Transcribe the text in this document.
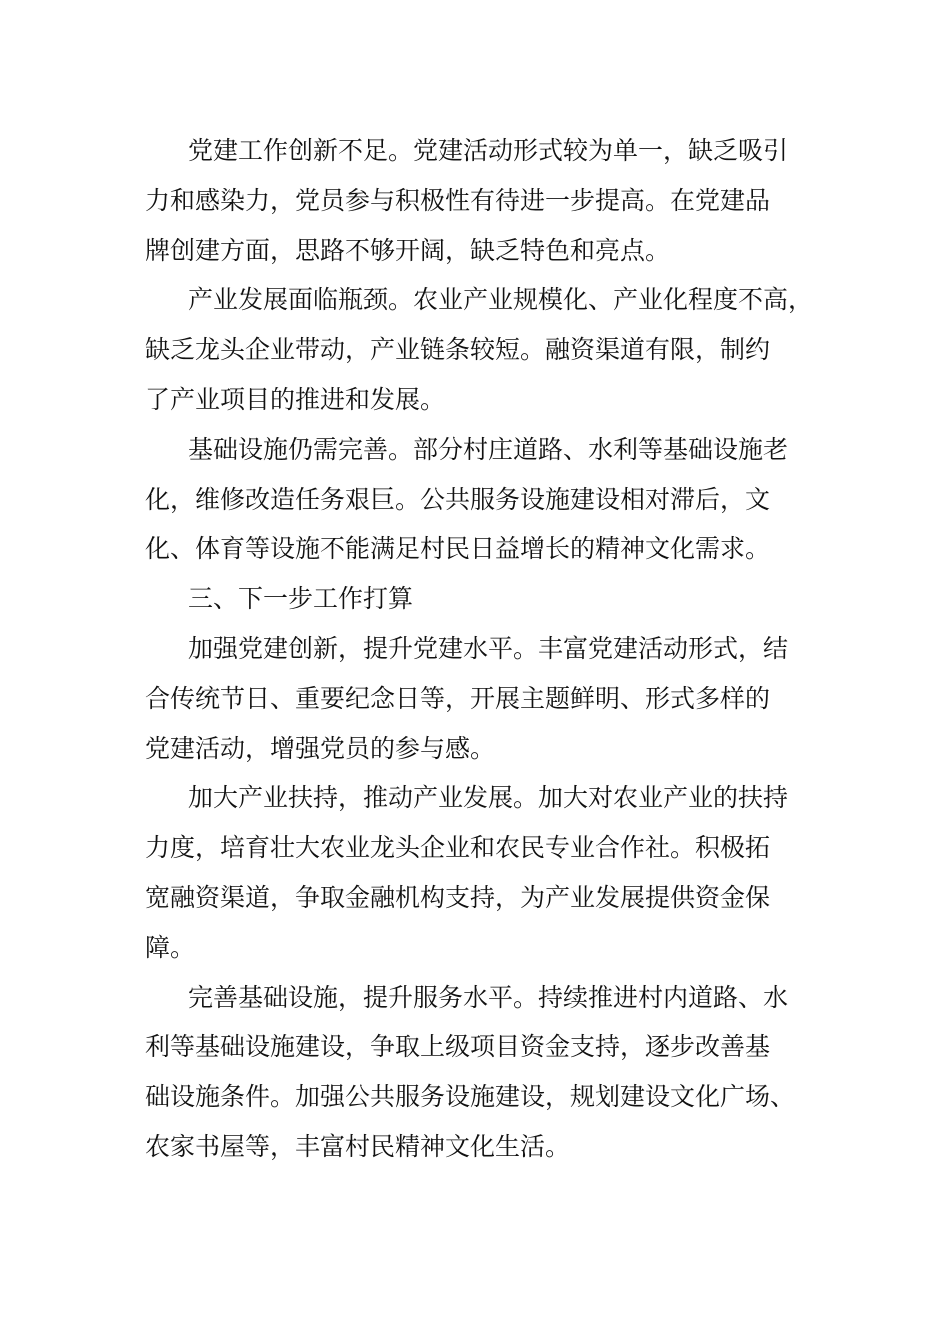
党建工作创新不足。党建活动形式较为单一，缺乏吸引
力和感染力，党员参与积极性有待进一步提高。在党建品
牌创建方面，思路不够开阔，缺乏特色和亮点。
产业发展面临瓶颈。农业产业规模化、产业化程度不高，
缺乏龙头企业带动，产业链条较短。融资渠道有限，制约
了产业项目的推进和发展。
基础设施仍需完善。部分村庄道路、水利等基础设施老
化，维修改造任务艰巨。公共服务设施建设相对滞后，文
化、体育等设施不能满足村民日益增长的精神文化需求。
三、下一步工作打算
加强党建创新，提升党建水平。丰富党建活动形式，结
合传统节日、重要纪念日等，开展主题鲜明、形式多样的
党建活动，增强党员的参与感。
加大产业扶持，推动产业发展。加大对农业产业的扶持
力度，培育壮大农业龙头企业和农民专业合作社。积极拓
宽融资渠道，争取金融机构支持，为产业发展提供资金保
障。
完善基础设施，提升服务水平。持续推进村内道路、水
利等基础设施建设，争取上级项目资金支持，逐步改善基
础设施条件。加强公共服务设施建设，规划建设文化广场、
农家书屋等，丰富村民精神文化生活。
